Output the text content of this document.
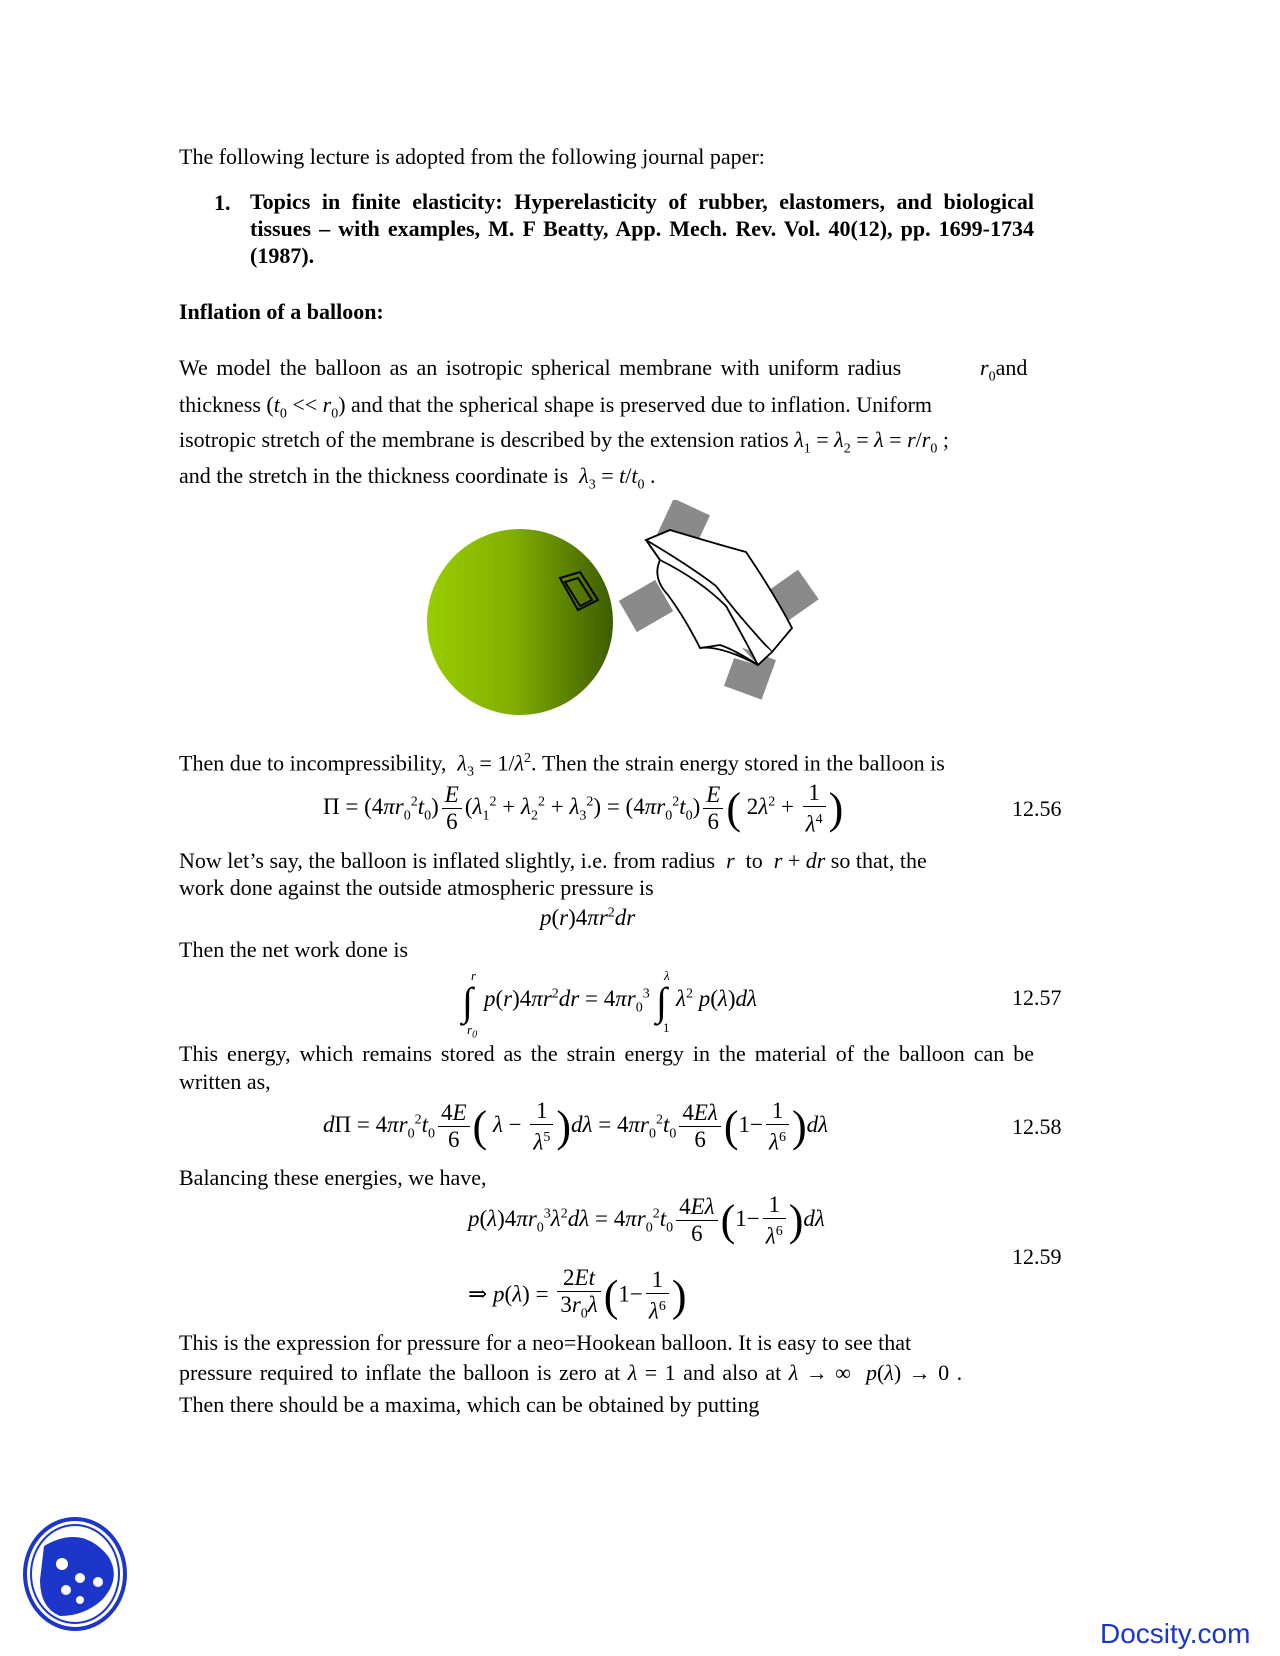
The following lecture is adopted from the following journal paper:
1. Topics in finite elasticity: Hyperelasticity of rubber, elastomers, and biological tissues – with examples, M. F Beatty, App. Mech. Rev. Vol. 40(12), pp. 1699-1734 (1987).
Inflation of a balloon:
We model the balloon as an isotropic spherical membrane with uniform radius	$r_0and$
thickness $(t_0 << r_0)$ and that the spherical shape is preserved due to inflation. Uniform
isotropic stretch of the membrane is described by the extension ratios $\lambda_1 = \lambda_2 = \lambda = r/r_0$ ;
and the stretch in the thickness coordinate is $\lambda_3 = t/t_0$ .
Then due to incompressibility, $\lambda_3 = 1/\lambda^2$. Then the strain energy stored in the balloon is
$\Pi = (4\pi r_0^2t_0) \frac{E}{6} (\lambda_1^2 + \lambda_2^2 + \lambda_3^2) = (4\pi r_0^2t_0) \frac{E}{6}$ ( $2\lambda^2 + \frac{1}{\lambda^4}$ )	12.56
Now let’s say, the balloon is inflated slightly, i.e. from radius r to r + dr so that, the
work done against the outside atmospheric pressure is
$p(r)4\pi r^2dr$
Then the net work done is
r
∫
$r_0$
$p(r)4\pi r^2dr = 4\pi r_0^3$
λ
∫
1
$\lambda^2$ p(λ)dλ	12.57
This energy, which remains stored as the strain energy in the material of the balloon can be written as,
$d\Pi = 4\pi r_0^2t_0 \frac{4E}{6}$ ( $\lambda - \frac{1}{\lambda^5} )d\lambda = 4\pi r_0^2t_0 \frac{4E\lambda}{6} (1- \frac{1}{\lambda^6} )d\lambda$	12.58
Balancing these energies, we have,
$p(\lambda)4\pi r_0^3\lambda^2d\lambda = 4\pi r_0^2t_0 \frac{4E\lambda}{6} (1- \frac{1}{\lambda^6} )d\lambda$
12.59
⇒ $p(\lambda) = \frac{2Et}{3r_0\lambda} (1- \frac{1}{\lambda^6}$ )
This is the expression for pressure for a neo=Hookean balloon. It is easy to see that
pressure required to inflate the balloon is zero at λ = 1 and also at λ → ∞  p(λ) → 0 .
Then there should be a maxima, which can be obtained by putting
Docsity.com
